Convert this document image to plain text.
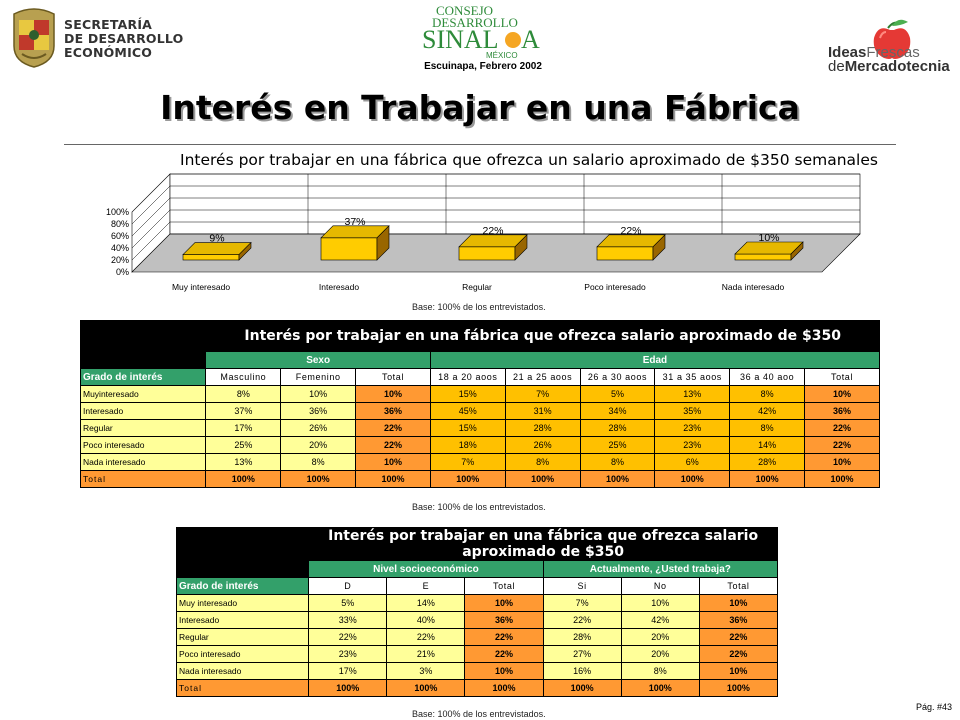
SECRETARÍA
DE DESARROLLO
ECONÓMICO
CONSEJO
DESARROLLO
SINAL A
MÉXICO
Escuinapa, Febrero 2002
IdeasFrescas
deMercadotecnia
Interés en Trabajar en una Fábrica
Interés por trabajar en una fábrica que ofrezca un salario aproximado de $350 semanales
0%
20%
40%
60%
80%
100%
9%
Muy interesado
37%
Interesado
22%
Regular
22%
Poco interesado
10%
Nada interesado
Base: 100% de los entrevistados.
	Interés por trabajar en una fábrica que ofrezca salario aproximado de $350								
	Sexo			Edad					
Grado de interés	Masculino	Femenino	Total	18 a 20 aoos	21 a 25 aoos	26 a 30 aoos	31 a 35 aoos	36 a 40 aoo	Total
Muyinteresado	8%	10%	10%	15%	7%	5%	13%	8%	10%
Interesado	37%	36%	36%	45%	31%	34%	35%	42%	36%
Regular	17%	26%	22%	15%	28%	28%	23%	8%	22%
Poco interesado	25%	20%	22%	18%	26%	25%	23%	14%	22%
Nada interesado	13%	8%	10%	7%	8%	8%	6%	28%	10%
Total	100%	100%	100%	100%	100%	100%	100%	100%	100%
Base: 100% de los entrevistados.
	Interés por trabajar en una fábrica que ofrezca salario aproximado de $350					
	Nivel socioeconómico			Actualmente, ¿Usted trabaja?		
Grado de interés	D	E	Total	Si	No	Total
Muy interesado	5%	14%	10%	7%	10%	10%
Interesado	33%	40%	36%	22%	42%	36%
Regular	22%	22%	22%	28%	20%	22%
Poco interesado	23%	21%	22%	27%	20%	22%
Nada interesado	17%	3%	10%	16%	8%	10%
Total	100%	100%	100%	100%	100%	100%
Base: 100% de los entrevistados.
Pág. #43
